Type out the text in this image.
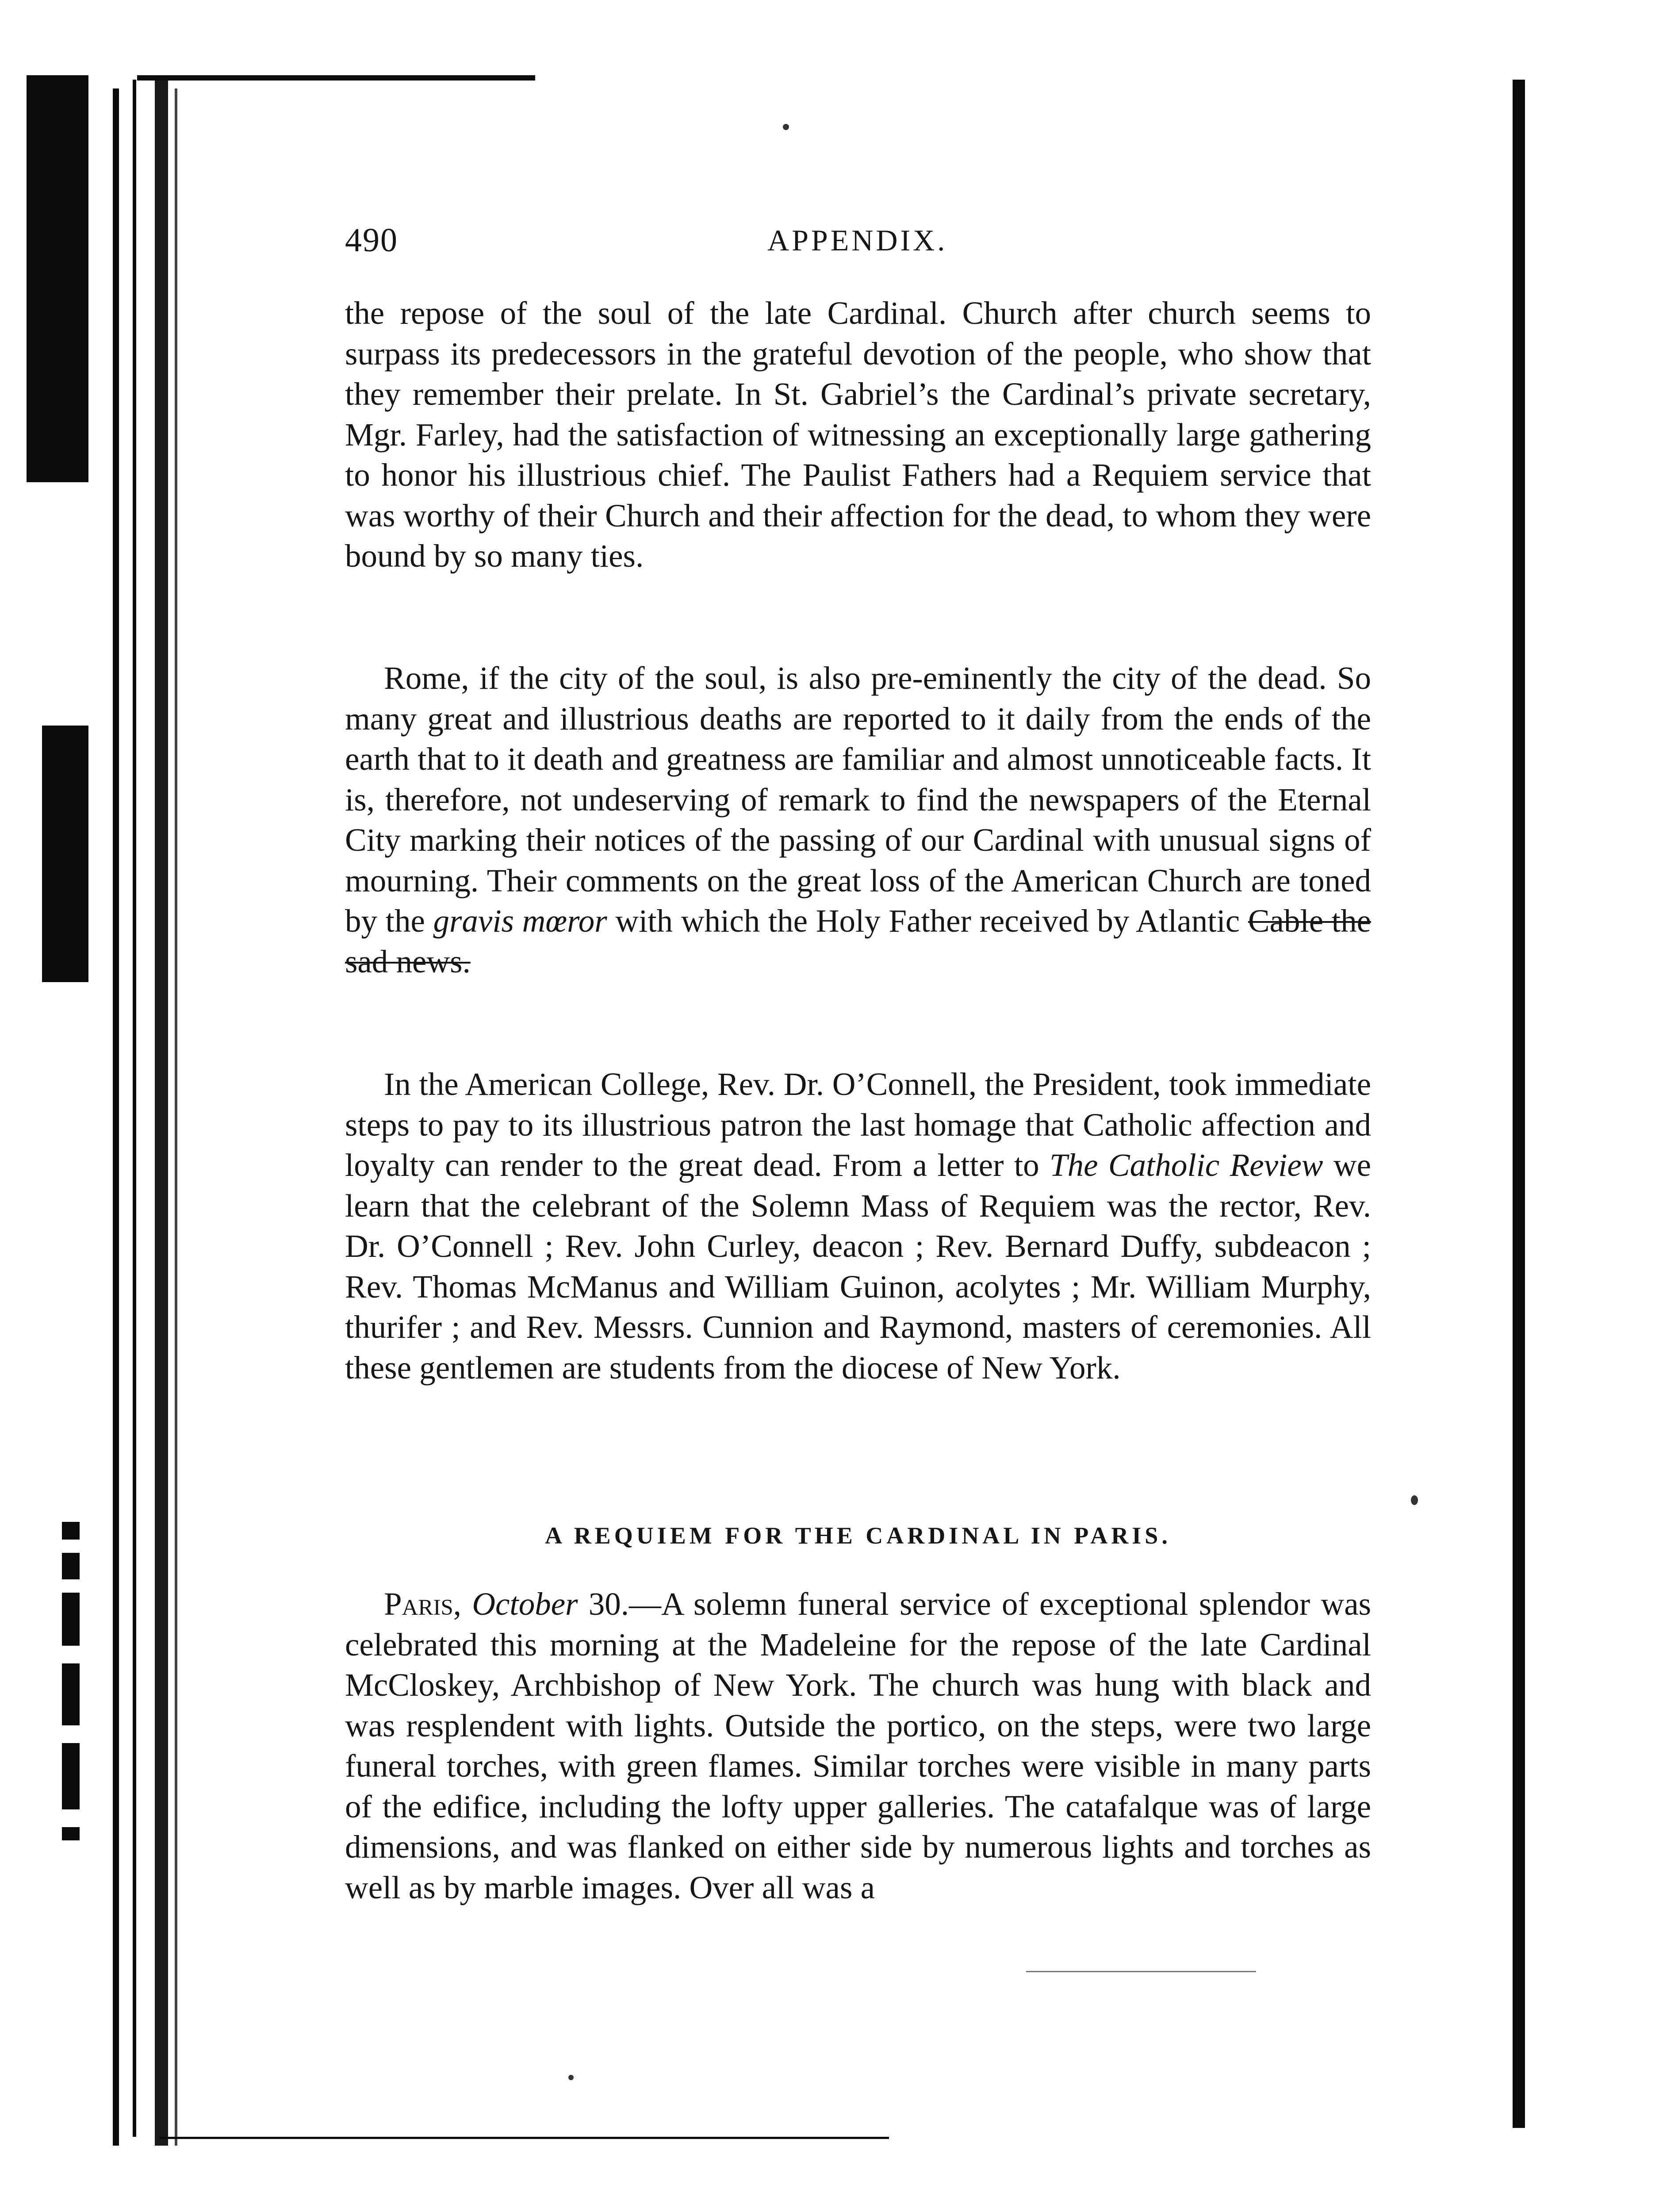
490	APPENDIX.

the repose of the soul of the late Cardinal. Church after church seems to surpass its predecessors in the grateful devotion of the people, who show that they remember their prelate. In St. Gabriel’s the Cardinal’s private secretary, Mgr. Farley, had the satisfaction of witnessing an exceptionally large gathering to honor his illustrious chief. The Paulist Fathers had a Requiem service that was worthy of their Church and their affection for the dead, to whom they were bound by so many ties.

Rome, if the city of the soul, is also pre-eminently the city of the dead. So many great and illustrious deaths are reported to it daily from the ends of the earth that to it death and greatness are familiar and almost unnoticeable facts. It is, therefore, not undeserving of remark to find the newspapers of the Eternal City marking their notices of the passing of our Cardinal with unusual signs of mourning. Their comments on the great loss of the American Church are toned by the gravis mœror with which the Holy Father received by Atlantic Cable the sad news.

In the American College, Rev. Dr. O’Connell, the President, took immediate steps to pay to its illustrious patron the last homage that Catholic affection and loyalty can render to the great dead. From a letter to The Catholic Review we learn that the celebrant of the Solemn Mass of Requiem was the rector, Rev. Dr. O’Connell ; Rev. John Curley, deacon ; Rev. Bernard Duffy, subdeacon ; Rev. Thomas McManus and William Guinon, acolytes ; Mr. William Murphy, thurifer ; and Rev. Messrs. Cunnion and Raymond, masters of ceremonies. All these gentlemen are students from the diocese of New York.

A REQUIEM FOR THE CARDINAL IN PARIS.

Paris, October 30.—A solemn funeral service of exceptional splendor was celebrated this morning at the Madeleine for the repose of the late Cardinal McCloskey, Archbishop of New York. The church was hung with black and was resplendent with lights. Outside the portico, on the steps, were two large funeral torches, with green flames. Similar torches were visible in many parts of the edifice, including the lofty upper galleries. The catafalque was of large dimensions, and was flanked on either side by numerous lights and torches as well as by marble images. Over all was a
